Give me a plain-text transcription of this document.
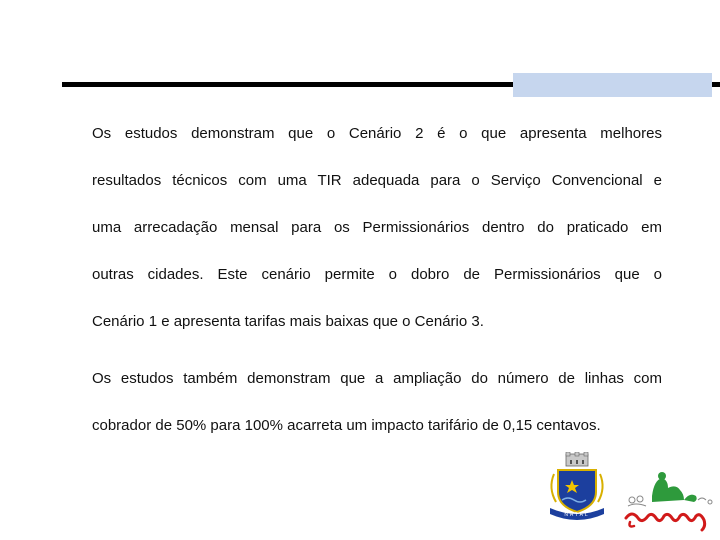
Os estudos demonstram que o Cenário 2 é o que apresenta melhores

resultados técnicos com uma TIR adequada para o Serviço Convencional e

uma arrecadação mensal para os Permissionários dentro do praticado em

outras cidades. Este cenário permite o dobro de Permissionários que o

Cenário 1 e apresenta tarifas mais baixas que o Cenário 3.

Os estudos também demonstram que a ampliação do número de linhas com

cobrador de 50% para 100% acarreta um impacto tarifário de 0,15 centavos.

NATAL
